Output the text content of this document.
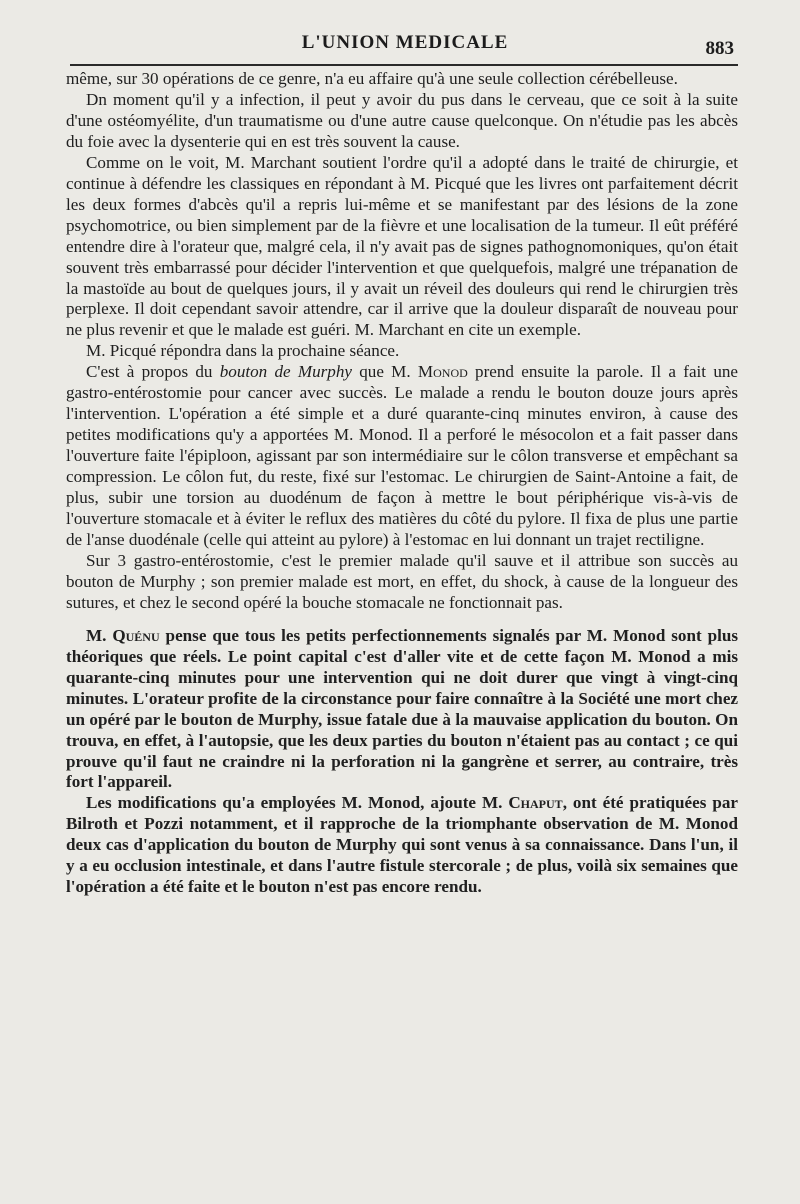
L'UNION MEDICALE	883

même, sur 30 opérations de ce genre, n'a eu affaire qu'à une seule collection cérébelleuse.

Dn moment qu'il y a infection, il peut y avoir du pus dans le cerveau, que ce soit à la suite d'une ostéomyélite, d'un traumatisme ou d'une autre cause quelconque. On n'étudie pas les abcès du foie avec la dysenterie qui en est très souvent la cause.

Comme on le voit, M. Marchant soutient l'ordre qu'il a adopté dans le traité de chirurgie, et continue à défendre les classiques en répondant à M. Picqué que les livres ont parfaitement décrit les deux formes d'abcès qu'il a repris lui-même et se manifestant par des lésions de la zone psychomotrice, ou bien simplement par de la fièvre et une localisation de la tumeur. Il eût préféré entendre dire à l'orateur que, malgré cela, il n'y avait pas de signes pathognomoniques, qu'on était souvent très embarrassé pour décider l'intervention et que quelquefois, malgré une trépanation de la mastoïde au bout de quelques jours, il y avait un réveil des douleurs qui rend le chirurgien très perplexe. Il doit cependant savoir attendre, car il arrive que la douleur disparaît de nouveau pour ne plus revenir et que le malade est guéri. M. Marchant en cite un exemple.

M. Picqué répondra dans la prochaine séance.

C'est à propos du bouton de Murphy que M. Monod prend ensuite la parole. Il a fait une gastro-entérostomie pour cancer avec succès. Le malade a rendu le bouton douze jours après l'intervention. L'opération a été simple et a duré quarante-cinq minutes environ, à cause des petites modifications qu'y a apportées M. Monod. Il a perforé le mésocolon et a fait passer dans l'ouverture faite l'épiploon, agissant par son intermédiaire sur le côlon transverse et empêchant sa compression. Le côlon fut, du reste, fixé sur l'estomac. Le chirurgien de Saint-Antoine a fait, de plus, subir une torsion au duodénum de façon à mettre le bout périphérique vis-à-vis de l'ouverture stomacale et à éviter le reflux des matières du côté du pylore. Il fixa de plus une partie de l'anse duodénale (celle qui atteint au pylore) à l'estomac en lui donnant un trajet rectiligne.

Sur 3 gastro-entérostomie, c'est le premier malade qu'il sauve et il attribue son succès au bouton de Murphy ; son premier malade est mort, en effet, du shock, à cause de la longueur des sutures, et chez le second opéré la bouche stomacale ne fonctionnait pas.

M. Quénu pense que tous les petits perfectionnements signalés par M. Monod sont plus théoriques que réels. Le point capital c'est d'aller vite et de cette façon M. Monod a mis quarante-cinq minutes pour une intervention qui ne doit durer que vingt à vingt-cinq minutes. L'orateur profite de la circonstance pour faire connaître à la Société une mort chez un opéré par le bouton de Murphy, issue fatale due à la mauvaise application du bouton. On trouva, en effet, à l'autopsie, que les deux parties du bouton n'étaient pas au contact ; ce qui prouve qu'il faut ne craindre ni la perforation ni la gangrène et serrer, au contraire, très fort l'appareil.

Les modifications qu'a employées M. Monod, ajoute M. Chaput, ont été pratiquées par Bilroth et Pozzi notamment, et il rapproche de la triomphante observation de M. Monod deux cas d'application du bouton de Murphy qui sont venus à sa connaissance. Dans l'un, il y a eu occlusion intestinale, et dans l'autre fistule stercorale ; de plus, voilà six semaines que l'opération a été faite et le bouton n'est pas encore rendu.
